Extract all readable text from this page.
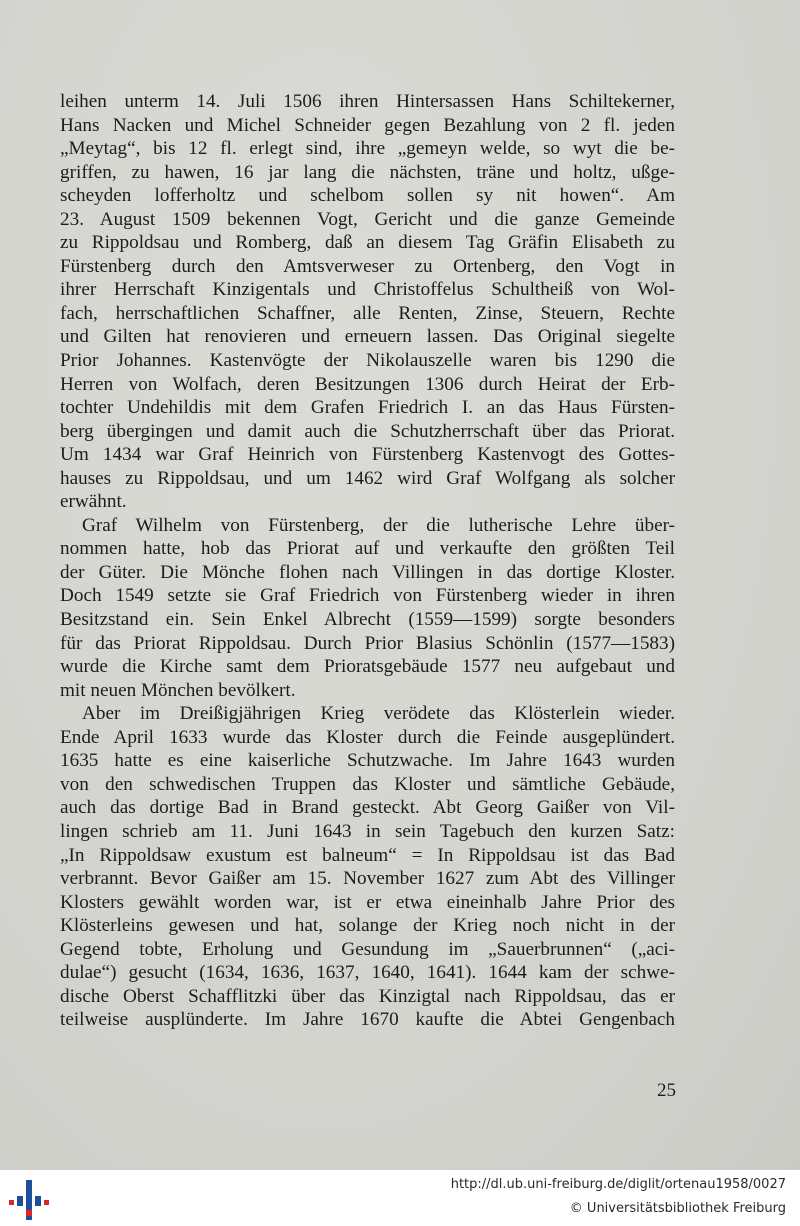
leihen unterm 14. Juli 1506 ihren Hintersassen Hans Schiltekerner,
Hans Nacken und Michel Schneider gegen Bezahlung von 2 fl. jeden
„Meytag“, bis 12 fl. erlegt sind, ihre „gemeyn welde, so wyt die be-
griffen, zu hawen, 16 jar lang die nächsten, träne und holtz, ußge-
scheyden lofferholtz und schelbom sollen sy nit howen“. Am
23. August 1509 bekennen Vogt, Gericht und die ganze Gemeinde
zu Rippoldsau und Romberg, daß an diesem Tag Gräfin Elisabeth zu
Fürstenberg durch den Amtsverweser zu Ortenberg, den Vogt in
ihrer Herrschaft Kinzigentals und Christoffelus Schultheiß von Wol-
fach, herrschaftlichen Schaffner, alle Renten, Zinse, Steuern, Rechte
und Gilten hat renovieren und erneuern lassen. Das Original siegelte
Prior Johannes. Kastenvögte der Nikolauszelle waren bis 1290 die
Herren von Wolfach, deren Besitzungen 1306 durch Heirat der Erb-
tochter Undehildis mit dem Grafen Friedrich I. an das Haus Fürsten-
berg übergingen und damit auch die Schutzherrschaft über das Priorat.
Um 1434 war Graf Heinrich von Fürstenberg Kastenvogt des Gottes-
hauses zu Rippoldsau, und um 1462 wird Graf Wolfgang als solcher
erwähnt.

Graf Wilhelm von Fürstenberg, der die lutherische Lehre über-
nommen hatte, hob das Priorat auf und verkaufte den größten Teil
der Güter. Die Mönche flohen nach Villingen in das dortige Kloster.
Doch 1549 setzte sie Graf Friedrich von Fürstenberg wieder in ihren
Besitzstand ein. Sein Enkel Albrecht (1559—1599) sorgte besonders
für das Priorat Rippoldsau. Durch Prior Blasius Schönlin (1577—1583)
wurde die Kirche samt dem Prioratsgebäude 1577 neu aufgebaut und
mit neuen Mönchen bevölkert.

Aber im Dreißigjährigen Krieg verödete das Klösterlein wieder.
Ende April 1633 wurde das Kloster durch die Feinde ausgeplündert.
1635 hatte es eine kaiserliche Schutzwache. Im Jahre 1643 wurden
von den schwedischen Truppen das Kloster und sämtliche Gebäude,
auch das dortige Bad in Brand gesteckt. Abt Georg Gaißer von Vil-
lingen schrieb am 11. Juni 1643 in sein Tagebuch den kurzen Satz:
„In Rippoldsaw exustum est balneum“ = In Rippoldsau ist das Bad
verbrannt. Bevor Gaißer am 15. November 1627 zum Abt des Villinger
Klosters gewählt worden war, ist er etwa eineinhalb Jahre Prior des
Klösterleins gewesen und hat, solange der Krieg noch nicht in der
Gegend tobte, Erholung und Gesundung im „Sauerbrunnen“ („aci-
dulae“) gesucht (1634, 1636, 1637, 1640, 1641). 1644 kam der schwe-
dische Oberst Schafflitzki über das Kinzigtal nach Rippoldsau, das er
teilweise ausplünderte. Im Jahre 1670 kaufte die Abtei Gengenbach

25
http://dl.ub.uni-freiburg.de/diglit/ortenau1958/0027
© Universitätsbibliothek Freiburg
